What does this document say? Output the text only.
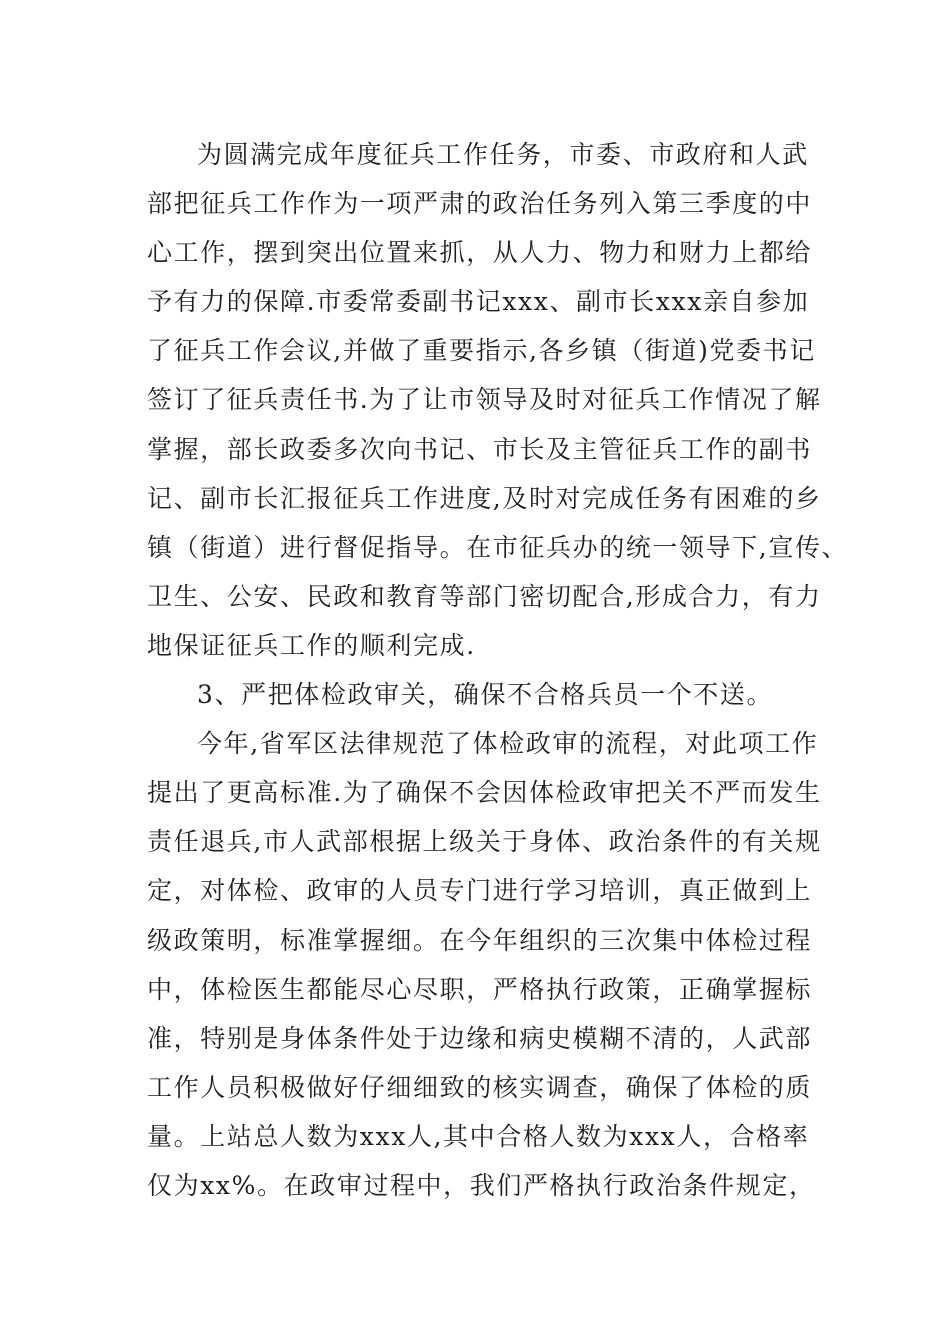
为圆满完成年度征兵工作任务，市委、市政府和人武
部把征兵工作作为一项严肃的政治任务列入第三季度的中
心工作，摆到突出位置来抓，从人力、物力和财力上都给
予有力的保障.市委常委副书记xxx、副市长xxx亲自参加
了征兵工作会议,并做了重要指示,各乡镇（街道)党委书记
签订了征兵责任书.为了让市领导及时对征兵工作情况了解
掌握，部长政委多次向书记、市长及主管征兵工作的副书
记、副市长汇报征兵工作进度,及时对完成任务有困难的乡
镇（街道）进行督促指导。在市征兵办的统一领导下,宣传、
卫生、公安、民政和教育等部门密切配合,形成合力，有力
地保证征兵工作的顺利完成.
3、严把体检政审关，确保不合格兵员一个不送。
今年,省军区法律规范了体检政审的流程，对此项工作
提出了更高标准.为了确保不会因体检政审把关不严而发生
责任退兵,市人武部根据上级关于身体、政治条件的有关规
定，对体检、政审的人员专门进行学习培训，真正做到上
级政策明，标准掌握细。在今年组织的三次集中体检过程
中，体检医生都能尽心尽职，严格执行政策，正确掌握标
准，特别是身体条件处于边缘和病史模糊不清的，人武部
工作人员积极做好仔细细致的核实调查，确保了体检的质
量。上站总人数为xxx人,其中合格人数为xxx人，合格率
仅为xx%。在政审过程中，我们严格执行政治条件规定，
